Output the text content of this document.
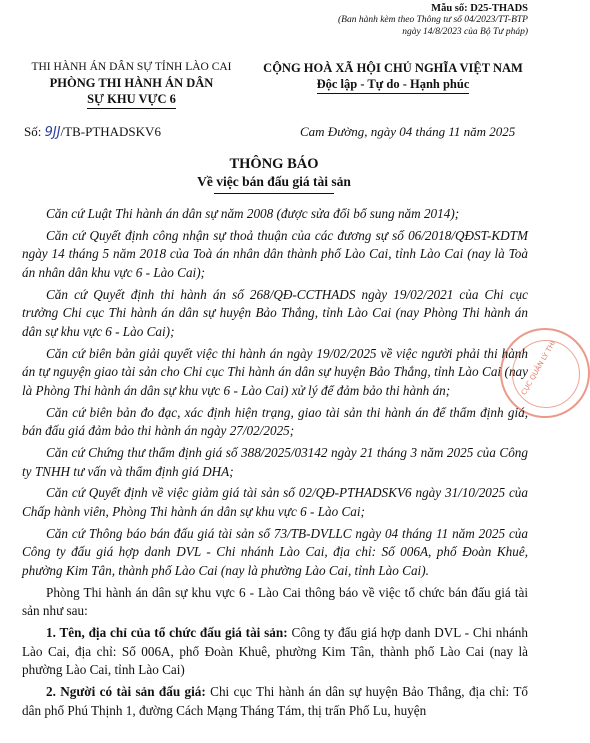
Mẫu số: D25-THADS
(Ban hành kèm theo Thông tư số 04/2023/TT-BTP
ngày 14/8/2023 của Bộ Tư pháp)
THI HÀNH ÁN DÂN SỰ TỈNH LÀO CAI
PHÒNG THI HÀNH ÁN DÂN
SỰ KHU VỰC 6
CỘNG HOÀ XÃ HỘI CHỦ NGHĨA VIỆT NAM
Độc lập - Tự do - Hạnh phúc
Số: 9JJ/TB-PTHADSKV6	Cam Đường, ngày 04 tháng 11 năm 2025
THÔNG BÁO
Về việc bán đấu giá tài sản
CỤC QUẢN LÝ THI

Căn cứ Luật Thi hành án dân sự năm 2008 (được sửa đổi bổ sung năm 2014);

Căn cứ Quyết định công nhận sự thoả thuận của các đương sự số 06/2018/QĐST-KDTM ngày 14 tháng 5 năm 2018 của Toà án nhân dân thành phố Lào Cai, tỉnh Lào Cai (nay là Toà án nhân dân khu vực 6 - Lào Cai);

Căn cứ Quyết định thi hành án số 268/QĐ-CCTHADS ngày 19/02/2021 của Chi cục trưởng Chi cục Thi hành án dân sự huyện Bảo Thắng, tỉnh Lào Cai (nay Phòng Thi hành án dân sự khu vực 6 - Lào Cai);

Căn cứ biên bản giải quyết việc thi hành án ngày 19/02/2025 về việc người phải thi hành án tự nguyện giao tài sản cho Chi cục Thi hành án dân sự huyện Bảo Thắng, tỉnh Lào Cai (nay là Phòng Thi hành án dân sự khu vực 6 - Lào Cai) xử lý để đảm bảo thi hành án;

Căn cứ biên bản đo đạc, xác định hiện trạng, giao tài sản thi hành án để thẩm định giá, bán đấu giá đảm bảo thi hành án ngày 27/02/2025;

Căn cứ Chứng thư thẩm định giá số 388/2025/03142 ngày 21 tháng 3 năm 2025 của Công ty TNHH tư vấn và thẩm định giá DHA;

Căn cứ Quyết định về việc giảm giá tài sản số 02/QĐ-PTHADSKV6 ngày 31/10/2025 của Chấp hành viên, Phòng Thi hành án dân sự khu vực 6 - Lào Cai;

Căn cứ Thông báo bán đấu giá tài sản số 73/TB-DVLLC ngày 04 tháng 11 năm 2025 của Công ty đấu giá hợp danh DVL - Chi nhánh Lào Cai, địa chỉ: Số 006A, phố Đoàn Khuê, phường Kim Tân, thành phố Lào Cai (nay là phường Lào Cai, tỉnh Lào Cai).

Phòng Thi hành án dân sự khu vực 6 - Lào Cai thông báo về việc tổ chức bán đấu giá tài sản như sau:

1. Tên, địa chỉ của tổ chức đấu giá tài sản: Công ty đấu giá hợp danh DVL - Chi nhánh Lào Cai, địa chỉ: Số 006A, phố Đoàn Khuê, phường Kim Tân, thành phố Lào Cai (nay là phường Lào Cai, tỉnh Lào Cai)

2. Người có tài sản đấu giá: Chi cục Thi hành án dân sự huyện Bảo Thắng, địa chỉ: Tổ dân phố Phú Thịnh 1, đường Cách Mạng Tháng Tám, thị trấn Phố Lu, huyện
